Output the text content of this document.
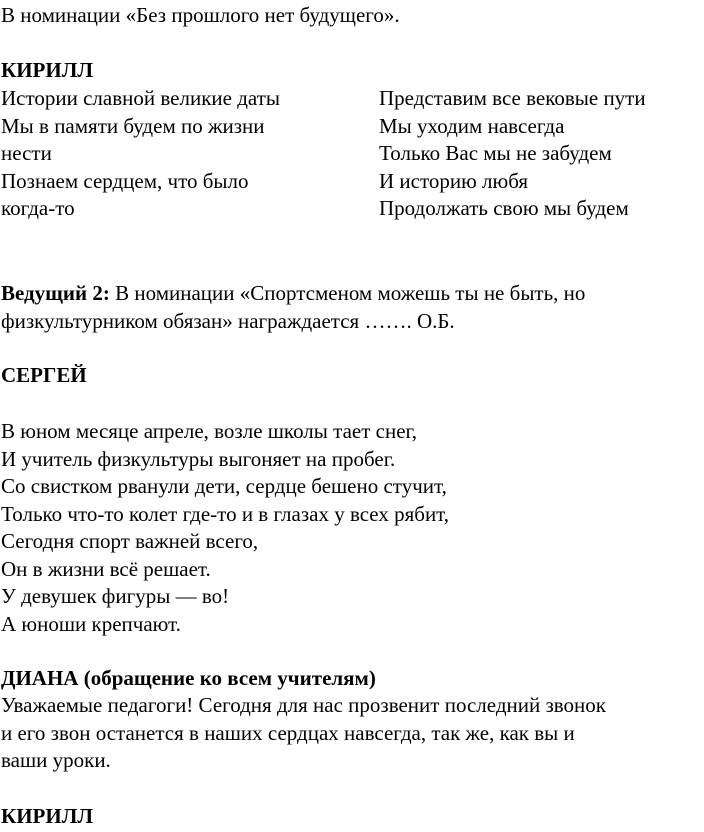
В номинации «Без прошлого нет будущего».
КИРИЛЛ
Истории славной великие даты
Мы в памяти будем по жизни
нести
Познаем сердцем, что было
когда-то
Представим все вековые пути
Мы уходим навсегда
Только Вас мы не забудем
И историю любя
Продолжать свою мы будем
Ведущий 2: В номинации «Спортсменом можешь ты не быть, но
физкультурником обязан» награждается ……. О.Б.
СЕРГЕЙ
В юном месяце апреле, возле школы тает снег,
И учитель физкультуры выгоняет на пробег.
Со свистком рванули дети, сердце бешено стучит,
Только что-то колет где-то и в глазах у всех рябит,
Сегодня спорт важней всего,
Он в жизни всё решает.
У девушек фигуры — во!
А юноши крепчают.
ДИАНА (обращение ко всем учителям)
Уважаемые педагоги! Сегодня для нас прозвенит последний звонок
и его звон останется в наших сердцах навсегда, так же, как вы и
ваши уроки.
КИРИЛЛ
